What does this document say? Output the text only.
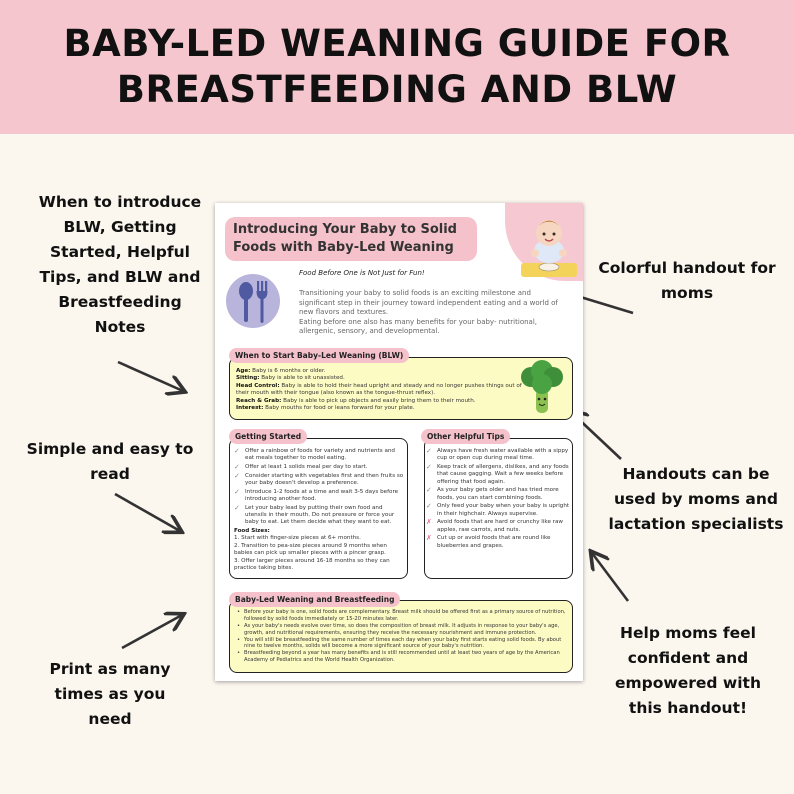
BABY-LED WEANING GUIDE FOR
BREASTFEEDING AND BLW
When to introduce
BLW, Getting
Started, Helpful
Tips, and BLW and
Breastfeeding
Notes
Simple and easy to
read
Print as many
times as you
need
Colorful handout for
moms
Handouts can be
used by moms and
lactation specialists
Help moms feel
confident and
empowered with
this handout!
Introducing Your Baby to Solid
Foods with Baby-Led Weaning
Food Before One is Not Just for Fun!
Transitioning your baby to solid foods is an exciting milestone and significant step in their journey toward independent eating and a world of new flavors and textures.
Eating before one also has many benefits for your baby- nutritional, allergenic, sensory, and developmental.
When to Start Baby-Led Weaning (BLW)
Age: Baby is 6 months or older.
Sitting: Baby is able to sit unassisted.
Head Control: Baby is able to hold their head upright and steady and no longer pushes things out of their mouth with their tongue (also known as the tongue-thrust reflex).
Reach & Grab: Baby is able to pick up objects and easily bring them to their mouth.
Interest: Baby mouths for food or leans forward for your plate.
Getting Started
✓ Offer a rainbow of foods for variety and nutrients and eat meals together to model eating.
✓ Offer at least 1 solids meal per day to start.
✓ Consider starting with vegetables first and then fruits so your baby doesn't develop a preference.
✓ Introduce 1-2 foods at a time and wait 3-5 days before introducing another food.
✓ Let your baby lead by putting their own food and utensils in their mouth. Do not pressure or force your baby to eat. Let them decide what they want to eat.
Food Sizes:
1. Start with finger-size pieces at 6+ months.
2. Transition to pea-size pieces around 9 months when babies can pick up smaller pieces with a pincer grasp.
3. Offer larger pieces around 16-18 months so they can practice taking bites.
Other Helpful Tips
✓ Always have fresh water available with a sippy cup or open cup during meal time.
✓ Keep track of allergens, dislikes, and any foods that cause gagging. Wait a few weeks before offering that food again.
✓ As your baby gets older and has tried more foods, you can start combining foods.
✓ Only feed your baby when your baby is upright in their highchair. Always supervise.
✗ Avoid foods that are hard or crunchy like raw apples, raw carrots, and nuts.
✗ Cut up or avoid foods that are round like blueberries and grapes.
Baby-Led Weaning and Breastfeeding
• Before your baby is one, solid foods are complementary. Breast milk should be offered first as a primary source of nutrition, followed by solid foods immediately or 15-20 minutes later.
• As your baby's needs evolve over time, so does the composition of breast milk. It adjusts in response to your baby's age, growth, and nutritional requirements, ensuring they receive the necessary nourishment and immune protection.
• You will still be breastfeeding the same number of times each day when your baby first starts eating solid foods. By about nine to twelve months, solids will become a more significant source of your baby's nutrition.
• Breastfeeding beyond a year has many benefits and is still recommended until at least two years of age by the American Academy of Pediatrics and the World Health Organization.
